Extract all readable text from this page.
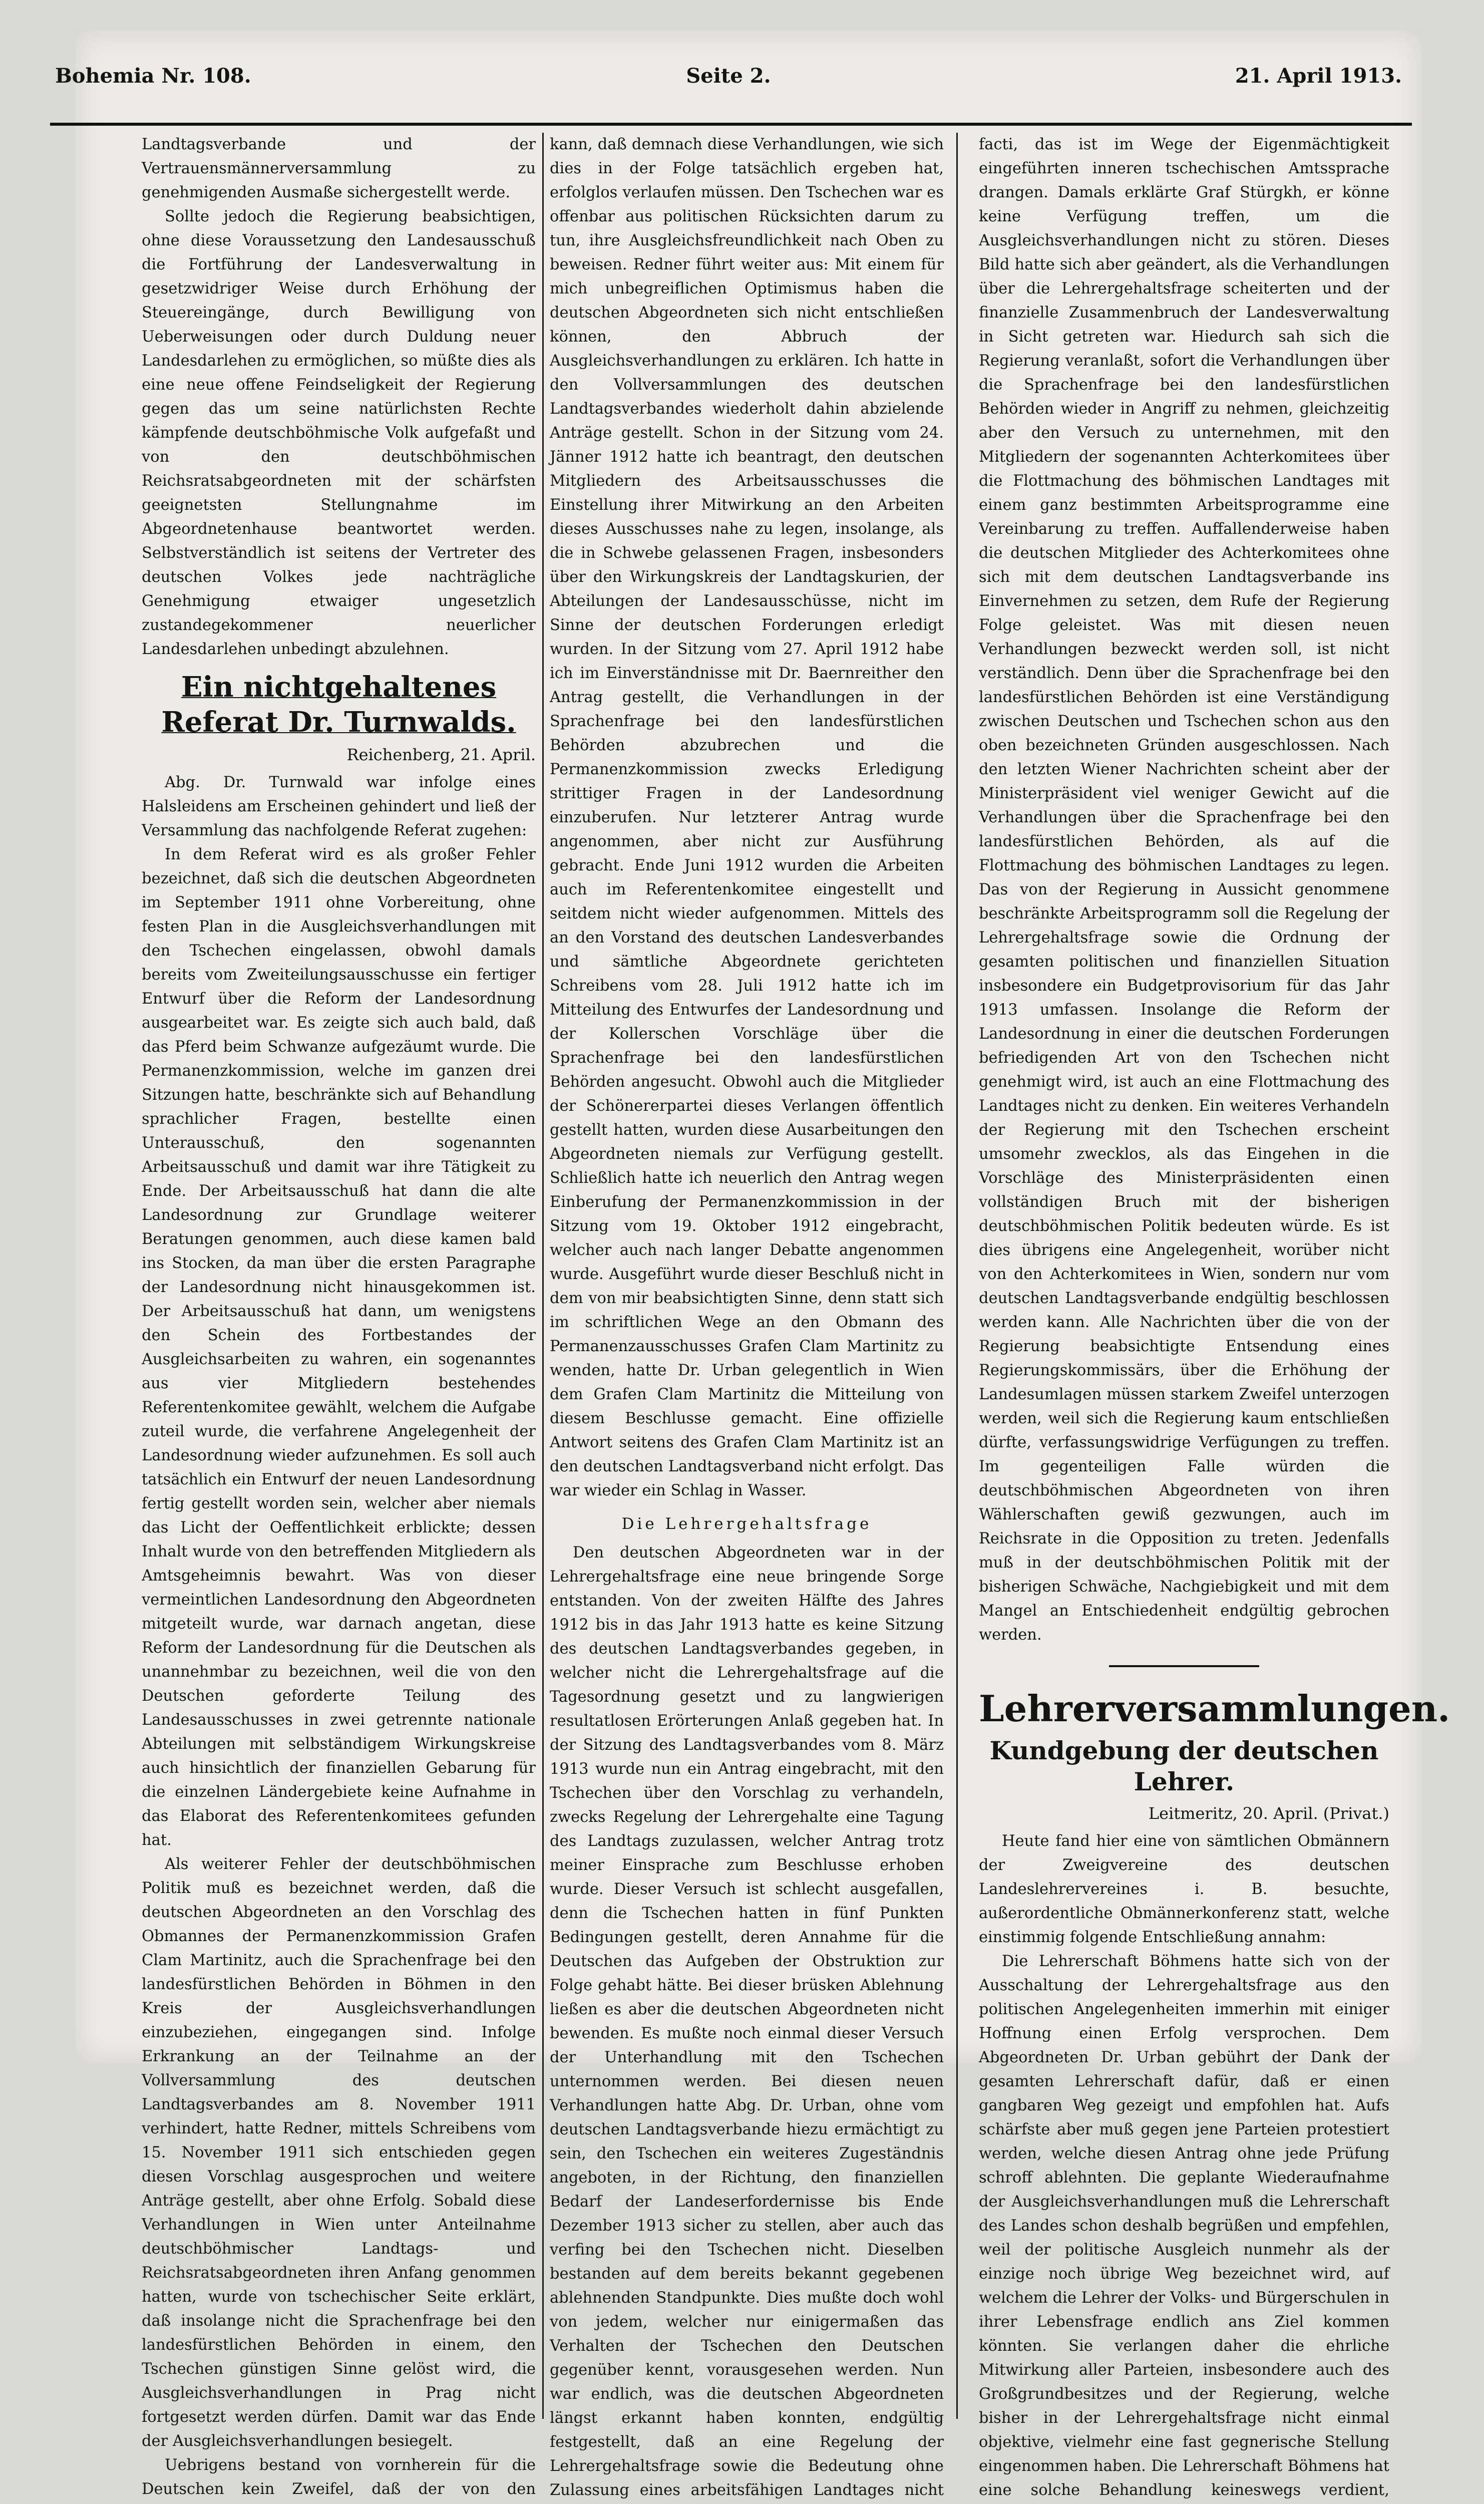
Bohemia Nr. 108.	Seite 2.	21. April 1913.

Landtagsverbande und der Vertrauensmännerversammlung zu genehmigenden Ausmaße sichergestellt werde.

Sollte jedoch die Regierung beabsichtigen, ohne diese Voraussetzung den Landesausschuß die Fortführung der Landesverwaltung in gesetzwidriger Weise durch Erhöhung der Steuereingänge, durch Bewilligung von Ueberweisungen oder durch Duldung neuer Landesdarlehen zu ermöglichen, so müßte dies als eine neue offene Feindseligkeit der Regierung gegen das um seine natürlichsten Rechte kämpfende deutschböhmische Volk aufgefaßt und von den deutschböhmischen Reichsratsabgeordneten mit der schärfsten geeignetsten Stellungnahme im Abgeordnetenhause beantwortet werden. Selbstverständlich ist seitens der Vertreter des deutschen Volkes jede nachträgliche Genehmigung etwaiger ungesetzlich zustandegekommener neuerlicher Landesdarlehen unbedingt abzulehnen.

Ein nichtgehaltenes Referat Dr. Turnwalds.
Reichenberg, 21. April.

Abg. Dr. Turnwald war infolge eines Halsleidens am Erscheinen gehindert und ließ der Versammlung das nachfolgende Referat zugehen:

In dem Referat wird es als großer Fehler bezeichnet, daß sich die deutschen Abgeordneten im September 1911 ohne Vorbereitung, ohne festen Plan in die Ausgleichsverhandlungen mit den Tschechen eingelassen, obwohl damals bereits vom Zweiteilungsausschusse ein fertiger Entwurf über die Reform der Landesordnung ausgearbeitet war. Es zeigte sich auch bald, daß das Pferd beim Schwanze aufgezäumt wurde. Die Permanenzkommission, welche im ganzen drei Sitzungen hatte, beschränkte sich auf Behandlung sprachlicher Fragen, bestellte einen Unterausschuß, den sogenannten Arbeitsausschuß und damit war ihre Tätigkeit zu Ende. Der Arbeitsausschuß hat dann die alte Landesordnung zur Grundlage weiterer Beratungen genommen, auch diese kamen bald ins Stocken, da man über die ersten Paragraphe der Landesordnung nicht hinausgekommen ist. Der Arbeitsausschuß hat dann, um wenigstens den Schein des Fortbestandes der Ausgleichsarbeiten zu wahren, ein sogenanntes aus vier Mitgliedern bestehendes Referentenkomitee gewählt, welchem die Aufgabe zuteil wurde, die verfahrene Angelegenheit der Landesordnung wieder aufzunehmen. Es soll auch tatsächlich ein Entwurf der neuen Landesordnung fertig gestellt worden sein, welcher aber niemals das Licht der Oeffentlichkeit erblickte; dessen Inhalt wurde von den betreffenden Mitgliedern als Amtsgeheimnis bewahrt. Was von dieser vermeintlichen Landesordnung den Abgeordneten mitgeteilt wurde, war darnach angetan, diese Reform der Landesordnung für die Deutschen als unannehmbar zu bezeichnen, weil die von den Deutschen geforderte Teilung des Landesausschusses in zwei getrennte nationale Abteilungen mit selbständigem Wirkungskreise auch hinsichtlich der finanziellen Gebarung für die einzelnen Ländergebiete keine Aufnahme in das Elaborat des Referentenkomitees gefunden hat.

Als weiterer Fehler der deutschböhmischen Politik muß es bezeichnet werden, daß die deutschen Abgeordneten an den Vorschlag des Obmannes der Permanenzkommission Grafen Clam Martinitz, auch die Sprachenfrage bei den landesfürstlichen Behörden in Böhmen in den Kreis der Ausgleichsverhandlungen einzubeziehen, eingegangen sind. Infolge Erkrankung an der Teilnahme an der Vollversammlung des deutschen Landtagsverbandes am 8. November 1911 verhindert, hatte Redner, mittels Schreibens vom 15. November 1911 sich entschieden gegen diesen Vorschlag ausgesprochen und weitere Anträge gestellt, aber ohne Erfolg. Sobald diese Verhandlungen in Wien unter Anteilnahme deutschböhmischer Landtags- und Reichsratsabgeordneten ihren Anfang genommen hatten, wurde von tschechischer Seite erklärt, daß insolange nicht die Sprachenfrage bei den landesfürstlichen Behörden in einem, den Tschechen günstigen Sinne gelöst wird, die Ausgleichsverhandlungen in Prag nicht fortgesetzt werden dürfen. Damit war das Ende der Ausgleichsverhandlungen besiegelt.

Uebrigens bestand von vornherein für die Deutschen kein Zweifel, daß der von den

kann, daß demnach diese Verhandlungen, wie sich dies in der Folge tatsächlich ergeben hat, erfolglos verlaufen müssen. Den Tschechen war es offenbar aus politischen Rücksichten darum zu tun, ihre Ausgleichsfreundlichkeit nach Oben zu beweisen. Redner führt weiter aus: Mit einem für mich unbegreiflichen Optimismus haben die deutschen Abgeordneten sich nicht entschließen können, den Abbruch der Ausgleichsverhandlungen zu erklären. Ich hatte in den Vollversammlungen des deutschen Landtagsverbandes wiederholt dahin abzielende Anträge gestellt. Schon in der Sitzung vom 24. Jänner 1912 hatte ich beantragt, den deutschen Mitgliedern des Arbeitsausschusses die Einstellung ihrer Mitwirkung an den Arbeiten dieses Ausschusses nahe zu legen, insolange, als die in Schwebe gelassenen Fragen, insbesonders über den Wirkungskreis der Landtagskurien, der Abteilungen der Landesausschüsse, nicht im Sinne der deutschen Forderungen erledigt wurden. In der Sitzung vom 27. April 1912 habe ich im Einverständnisse mit Dr. Baernreither den Antrag gestellt, die Verhandlungen in der Sprachenfrage bei den landesfürstlichen Behörden abzubrechen und die Permanenzkommission zwecks Erledigung strittiger Fragen in der Landesordnung einzuberufen. Nur letzterer Antrag wurde angenommen, aber nicht zur Ausführung gebracht. Ende Juni 1912 wurden die Arbeiten auch im Referentenkomitee eingestellt und seitdem nicht wieder aufgenommen. Mittels des an den Vorstand des deutschen Landesverbandes und sämtliche Abgeordnete gerichteten Schreibens vom 28. Juli 1912 hatte ich im Mitteilung des Entwurfes der Landesordnung und der Kollerschen Vorschläge über die Sprachenfrage bei den landesfürstlichen Behörden angesucht. Obwohl auch die Mitglieder der Schönererpartei dieses Verlangen öffentlich gestellt hatten, wurden diese Ausarbeitungen den Abgeordneten niemals zur Verfügung gestellt. Schließlich hatte ich neuerlich den Antrag wegen Einberufung der Permanenzkommission in der Sitzung vom 19. Oktober 1912 eingebracht, welcher auch nach langer Debatte angenommen wurde. Ausgeführt wurde dieser Beschluß nicht in dem von mir beabsichtigten Sinne, denn statt sich im schriftlichen Wege an den Obmann des Permanenzausschusses Grafen Clam Martinitz zu wenden, hatte Dr. Urban gelegentlich in Wien dem Grafen Clam Martinitz die Mitteilung von diesem Beschlusse gemacht. Eine offizielle Antwort seitens des Grafen Clam Martinitz ist an den deutschen Landtagsverband nicht erfolgt. Das war wieder ein Schlag in Wasser.

Die Lehrergehaltsfrage

Den deutschen Abgeordneten war in der Lehrergehaltsfrage eine neue bringende Sorge entstanden. Von der zweiten Hälfte des Jahres 1912 bis in das Jahr 1913 hatte es keine Sitzung des deutschen Landtagsverbandes gegeben, in welcher nicht die Lehrergehaltsfrage auf die Tagesordnung gesetzt und zu langwierigen resultatlosen Erörterungen Anlaß gegeben hat. In der Sitzung des Landtagsverbandes vom 8. März 1913 wurde nun ein Antrag eingebracht, mit den Tschechen über den Vorschlag zu verhandeln, zwecks Regelung der Lehrergehalte eine Tagung des Landtags zuzulassen, welcher Antrag trotz meiner Einsprache zum Beschlusse erhoben wurde. Dieser Versuch ist schlecht ausgefallen, denn die Tschechen hatten in fünf Punkten Bedingungen gestellt, deren Annahme für die Deutschen das Aufgeben der Obstruktion zur Folge gehabt hätte. Bei dieser brüsken Ablehnung ließen es aber die deutschen Abgeordneten nicht bewenden. Es mußte noch einmal dieser Versuch der Unterhandlung mit den Tschechen unternommen werden. Bei diesen neuen Verhandlungen hatte Abg. Dr. Urban, ohne vom deutschen Landtagsverbande hiezu ermächtigt zu sein, den Tschechen ein weiteres Zugeständnis angeboten, in der Richtung, den finanziellen Bedarf der Landeserfordernisse bis Ende Dezember 1913 sicher zu stellen, aber auch das verfing bei den Tschechen nicht. Dieselben bestanden auf dem bereits bekannt gegebenen ablehnenden Standpunkte. Dies mußte doch wohl von jedem, welcher nur einigermaßen das Verhalten der Tschechen den Deutschen gegenüber kennt, vorausgesehen werden. Nun war endlich, was die deutschen Abgeordneten längst erkannt haben konnten, endgültig festgestellt, daß an eine Regelung der Lehrergehaltsfrage sowie die Bedeutung ohne Zulassung eines arbeitsfähigen Landtages nicht

facti, das ist im Wege der Eigenmächtigkeit eingeführten inneren tschechischen Amtssprache drangen. Damals erklärte Graf Stürgkh, er könne keine Verfügung treffen, um die Ausgleichsverhandlungen nicht zu stören. Dieses Bild hatte sich aber geändert, als die Verhandlungen über die Lehrergehaltsfrage scheiterten und der finanzielle Zusammenbruch der Landesverwaltung in Sicht getreten war. Hiedurch sah sich die Regierung veranlaßt, sofort die Verhandlungen über die Sprachenfrage bei den landesfürstlichen Behörden wieder in Angriff zu nehmen, gleichzeitig aber den Versuch zu unternehmen, mit den Mitgliedern der sogenannten Achterkomitees über die Flottmachung des böhmischen Landtages mit einem ganz bestimmten Arbeitsprogramme eine Vereinbarung zu treffen. Auffallenderweise haben die deutschen Mitglieder des Achterkomitees ohne sich mit dem deutschen Landtagsverbande ins Einvernehmen zu setzen, dem Rufe der Regierung Folge geleistet. Was mit diesen neuen Verhandlungen bezweckt werden soll, ist nicht verständlich. Denn über die Sprachenfrage bei den landesfürstlichen Behörden ist eine Verständigung zwischen Deutschen und Tschechen schon aus den oben bezeichneten Gründen ausgeschlossen. Nach den letzten Wiener Nachrichten scheint aber der Ministerpräsident viel weniger Gewicht auf die Verhandlungen über die Sprachenfrage bei den landesfürstlichen Behörden, als auf die Flottmachung des böhmischen Landtages zu legen. Das von der Regierung in Aussicht genommene beschränkte Arbeitsprogramm soll die Regelung der Lehrergehaltsfrage sowie die Ordnung der gesamten politischen und finanziellen Situation insbesondere ein Budgetprovisorium für das Jahr 1913 umfassen. Insolange die Reform der Landesordnung in einer die deutschen Forderungen befriedigenden Art von den Tschechen nicht genehmigt wird, ist auch an eine Flottmachung des Landtages nicht zu denken. Ein weiteres Verhandeln der Regierung mit den Tschechen erscheint umsomehr zwecklos, als das Eingehen in die Vorschläge des Ministerpräsidenten einen vollständigen Bruch mit der bisherigen deutschböhmischen Politik bedeuten würde. Es ist dies übrigens eine Angelegenheit, worüber nicht von den Achterkomitees in Wien, sondern nur vom deutschen Landtagsverbande endgültig beschlossen werden kann. Alle Nachrichten über die von der Regierung beabsichtigte Entsendung eines Regierungskommissärs, über die Erhöhung der Landesumlagen müssen starkem Zweifel unterzogen werden, weil sich die Regierung kaum entschließen dürfte, verfassungswidrige Verfügungen zu treffen. Im gegenteiligen Falle würden die deutschböhmischen Abgeordneten von ihren Wählerschaften gewiß gezwungen, auch im Reichsrate in die Opposition zu treten. Jedenfalls muß in der deutschböhmischen Politik mit der bisherigen Schwäche, Nachgiebigkeit und mit dem Mangel an Entschiedenheit endgültig gebrochen werden.

Lehrerversammlungen.
Kundgebung der deutschen Lehrer.
Leitmeritz, 20. April. (Privat.)

Heute fand hier eine von sämtlichen Obmännern der Zweigvereine des deutschen Landeslehrervereines i. B. besuchte, außerordentliche Obmännerkonferenz statt, welche einstimmig folgende Entschließung annahm:

Die Lehrerschaft Böhmens hatte sich von der Ausschaltung der Lehrergehaltsfrage aus den politischen Angelegenheiten immerhin mit einiger Hoffnung einen Erfolg versprochen. Dem Abgeordneten Dr. Urban gebührt der Dank der gesamten Lehrerschaft dafür, daß er einen gangbaren Weg gezeigt und empfohlen hat. Aufs schärfste aber muß gegen jene Parteien protestiert werden, welche diesen Antrag ohne jede Prüfung schroff ablehnten. Die geplante Wiederaufnahme der Ausgleichsverhandlungen muß die Lehrerschaft des Landes schon deshalb begrüßen und empfehlen, weil der politische Ausgleich nunmehr als der einzige noch übrige Weg bezeichnet wird, auf welchem die Lehrer der Volks- und Bürgerschulen in ihrer Lebensfrage endlich ans Ziel kommen könnten. Sie verlangen daher die ehrliche Mitwirkung aller Parteien, insbesondere auch des Großgrundbesitzes und der Regierung, welche bisher in der Lehrergehaltsfrage nicht einmal objektive, vielmehr eine fast gegnerische Stellung eingenommen haben. Die Lehrerschaft Böhmens hat eine solche Behandlung keineswegs verdient,
